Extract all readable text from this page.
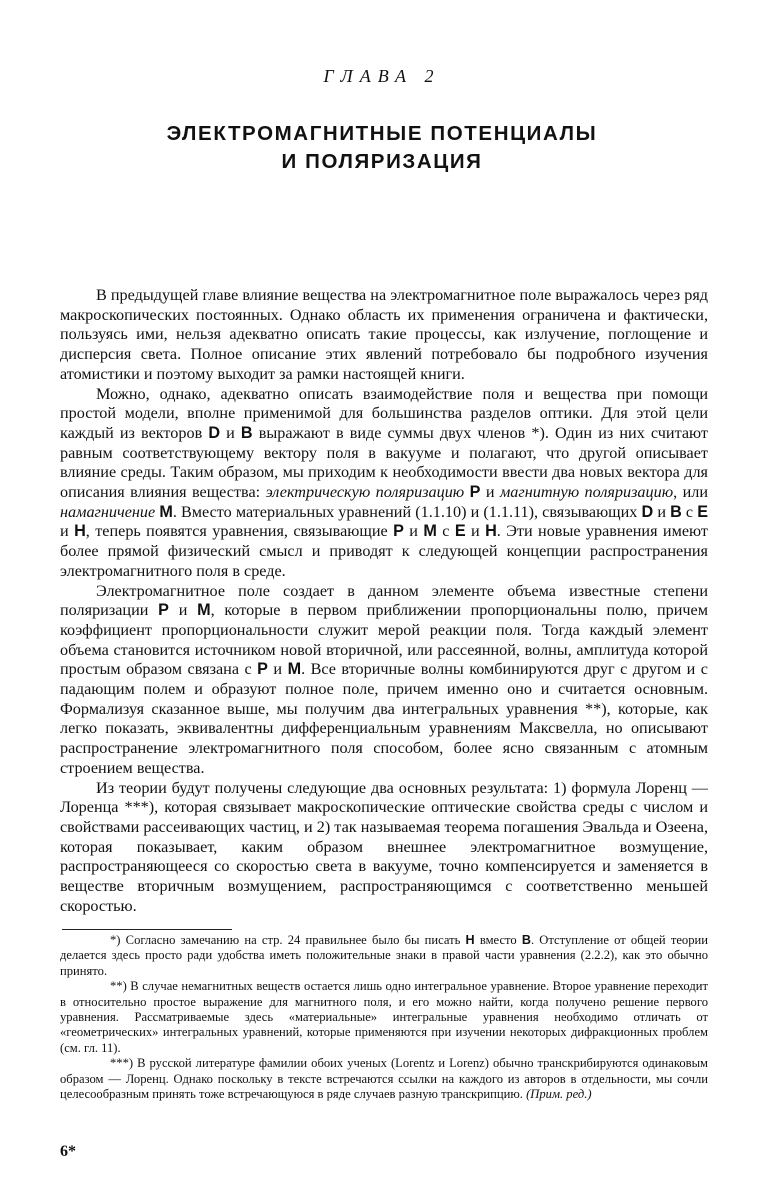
ГЛАВА 2
ЭЛЕКТРОМАГНИТНЫЕ ПОТЕНЦИАЛЫ
И ПОЛЯРИЗАЦИЯ

В предыдущей главе влияние вещества на электромагнитное поле выражалось через ряд макроскопических постоянных. Однако область их применения ограничена и фактически, пользуясь ими, нельзя адекватно описать такие процессы, как излучение, поглощение и дисперсия света. Полное описание этих явлений потребовало бы подробного изучения атомистики и поэтому выходит за рамки настоящей книги.

Можно, однако, адекватно описать взаимодействие поля и вещества при помощи простой модели, вполне применимой для большинства разделов оптики. Для этой цели каждый из векторов D и B выражают в виде суммы двух членов *). Один из них считают равным соответствующему вектору поля в вакууме и полагают, что другой описывает влияние среды. Таким образом, мы приходим к необходимости ввести два новых вектора для описания влияния вещества: электрическую поляризацию P и магнитную поляризацию, или намагничение M. Вместо материальных уравнений (1.1.10) и (1.1.11), связывающих D и B с E и H, теперь появятся уравнения, связывающие P и M с E и H. Эти новые уравнения имеют более прямой физический смысл и приводят к следующей концепции распространения электромагнитного поля в среде.

Электромагнитное поле создает в данном элементе объема известные степени поляризации P и M, которые в первом приближении пропорциональны полю, причем коэффициент пропорциональности служит мерой реакции поля. Тогда каждый элемент объема становится источником новой вторичной, или рассеянной, волны, амплитуда которой простым образом связана с P и M. Все вторичные волны комбинируются друг с другом и с падающим полем и образуют полное поле, причем именно оно и считается основным. Формализуя сказанное выше, мы получим два интегральных уравнения **), которые, как легко показать, эквивалентны дифференциальным уравнениям Максвелла, но описывают распространение электромагнитного поля способом, более ясно связанным с атомным строением вещества.

Из теории будут получены следующие два основных результата: 1) формула Лоренц — Лоренца ***), которая связывает макроскопические оптические свойства среды с числом и свойствами рассеивающих частиц, и 2) так называемая теорема погашения Эвальда и Озеена, которая показывает, каким образом внешнее электромагнитное возмущение, распространяющееся со скоростью света в вакууме, точно компенсируется и заменяется в веществе вторичным возмущением, распространяющимся с соответственно меньшей скоростью.

*) Согласно замечанию на стр. 24 правильнее было бы писать H вместо B. Отступление от общей теории делается здесь просто ради удобства иметь положительные знаки в правой части уравнения (2.2.2), как это обычно принято.

**) В случае немагнитных веществ остается лишь одно интегральное уравнение. Второе уравнение переходит в относительно простое выражение для магнитного поля, и его можно найти, когда получено решение первого уравнения. Рассматриваемые здесь «материальные» интегральные уравнения необходимо отличать от «геометрических» интегральных уравнений, которые применяются при изучении некоторых дифракционных проблем (см. гл. 11).

***) В русской литературе фамилии обоих ученых (Lorentz и Lorenz) обычно транскрибируются одинаковым образом — Лоренц. Однако поскольку в тексте встречаются ссылки на каждого из авторов в отдельности, мы сочли целесообразным принять тоже встречающуюся в ряде случаев разную транскрипцию. (Прим. ред.)

6*
